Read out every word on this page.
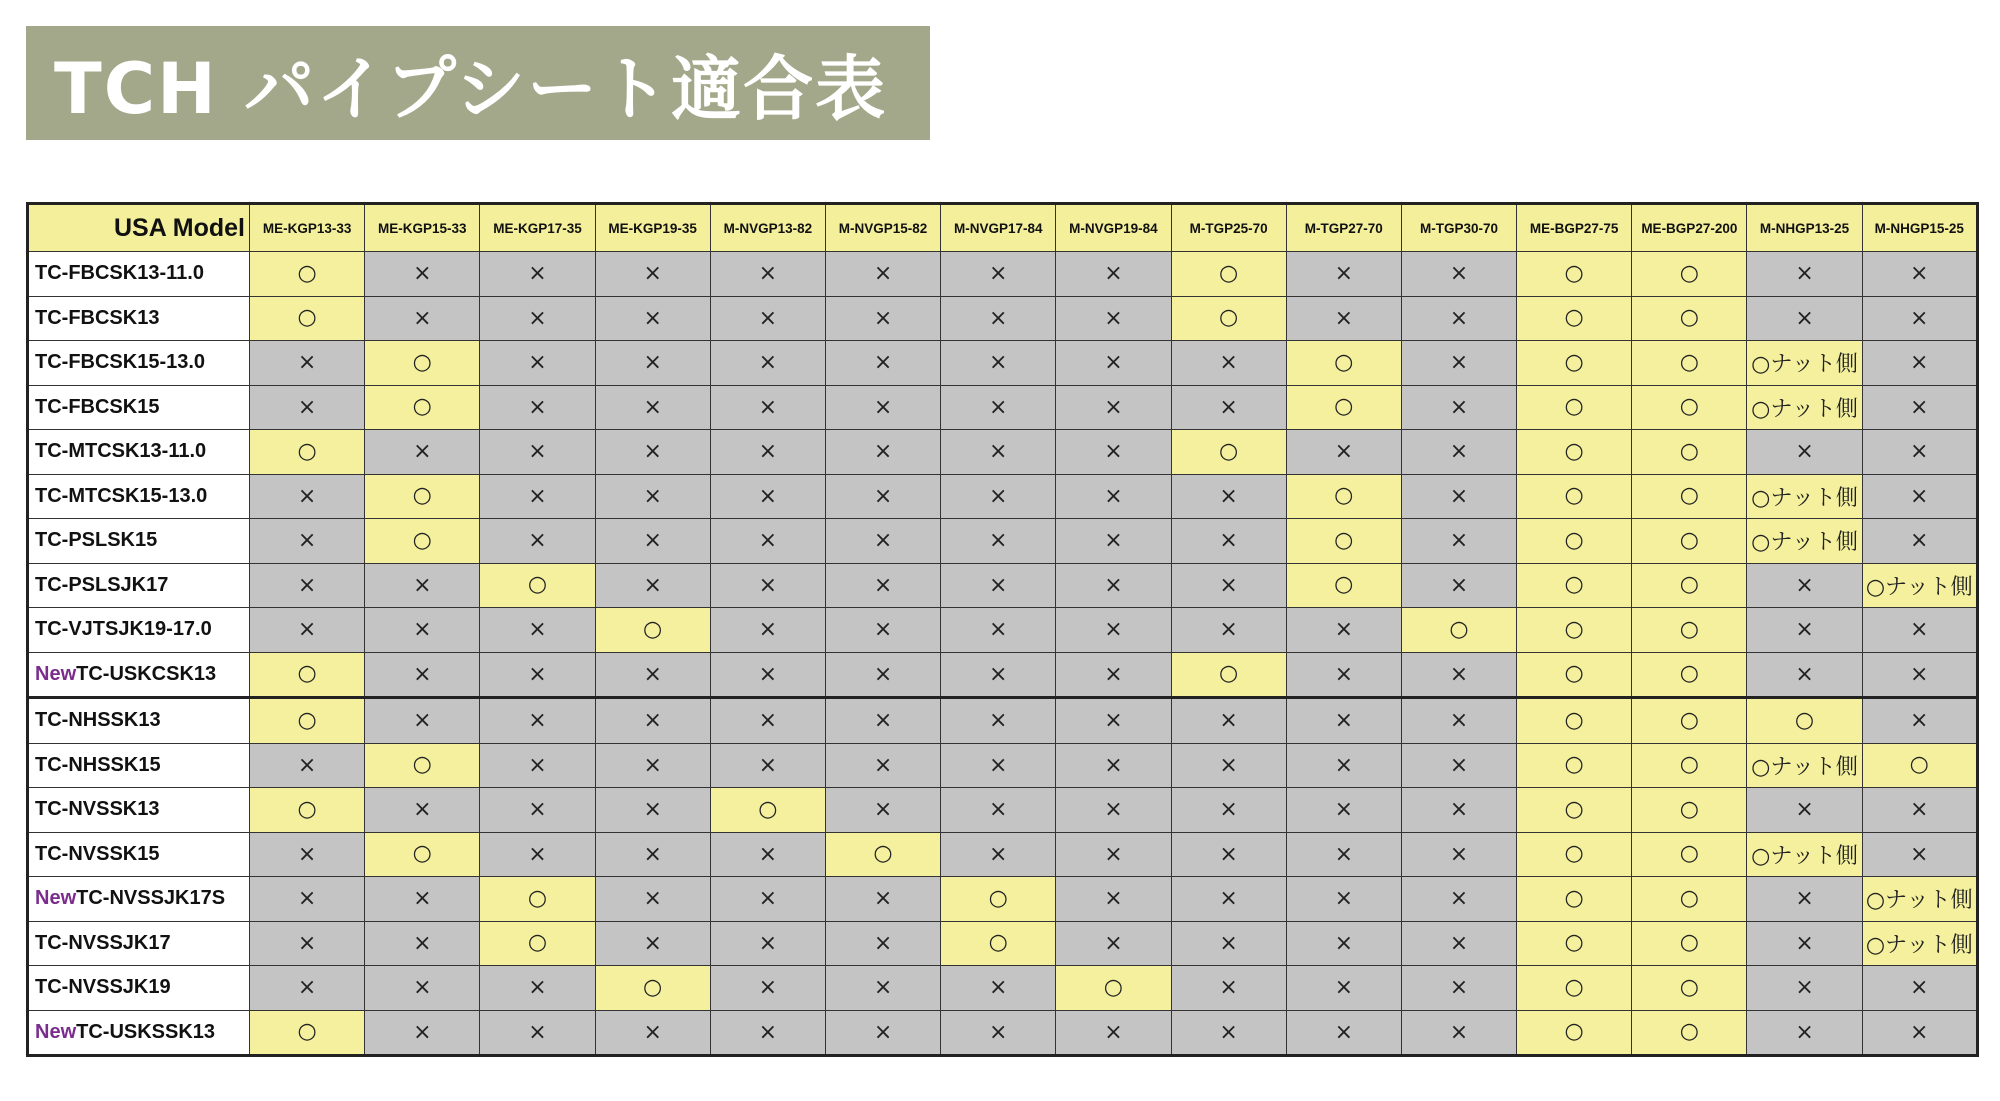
TCH パイプシート適合表
USA Model	ME-KGP13-33	ME-KGP15-33	ME-KGP17-35	ME-KGP19-35	M-NVGP13-82	M-NVGP15-82	M-NVGP17-84	M-NVGP19-84	M-TGP25-70	M-TGP27-70	M-TGP30-70	ME-BGP27-75	ME-BGP27-200	M-NHGP13-25	M-NHGP15-25
TC-FBCSK13-11.0	○	×	×	×	×	×	×	×	○	×	×	○	○	×	×
TC-FBCSK13	○	×	×	×	×	×	×	×	○	×	×	○	○	×	×
TC-FBCSK15-13.0	×	○	×	×	×	×	×	×	×	○	×	○	○	○ナット側	×
TC-FBCSK15	×	○	×	×	×	×	×	×	×	○	×	○	○	○ナット側	×
TC-MTCSK13-11.0	○	×	×	×	×	×	×	×	○	×	×	○	○	×	×
TC-MTCSK15-13.0	×	○	×	×	×	×	×	×	×	○	×	○	○	○ナット側	×
TC-PSLSK15	×	○	×	×	×	×	×	×	×	○	×	○	○	○ナット側	×
TC-PSLSJK17	×	×	○	×	×	×	×	×	×	○	×	○	○	×	○ナット側
TC-VJTSJK19-17.0	×	×	×	○	×	×	×	×	×	×	○	○	○	×	×
NewTC-USKCSK13	○	×	×	×	×	×	×	×	○	×	×	○	○	×	×
TC-NHSSK13	○	×	×	×	×	×	×	×	×	×	×	○	○	○	×
TC-NHSSK15	×	○	×	×	×	×	×	×	×	×	×	○	○	○ナット側	○
TC-NVSSK13	○	×	×	×	○	×	×	×	×	×	×	○	○	×	×
TC-NVSSK15	×	○	×	×	×	○	×	×	×	×	×	○	○	○ナット側	×
NewTC-NVSSJK17S	×	×	○	×	×	×	○	×	×	×	×	○	○	×	○ナット側
TC-NVSSJK17	×	×	○	×	×	×	○	×	×	×	×	○	○	×	○ナット側
TC-NVSSJK19	×	×	×	○	×	×	×	○	×	×	×	○	○	×	×
NewTC-USKSSK13	○	×	×	×	×	×	×	×	×	×	×	○	○	×	×
